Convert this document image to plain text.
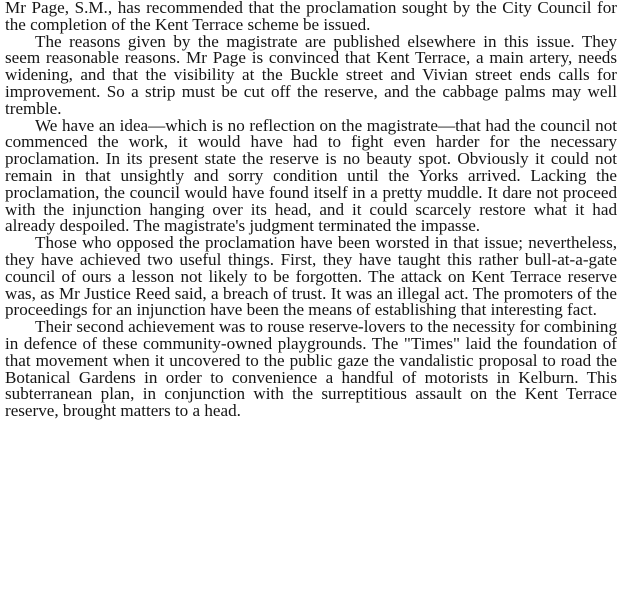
Mr Page, S.M., has recommended that the proclamation sought by the City Council for the completion of the Kent Terrace scheme be issued.

The reasons given by the magistrate are published elsewhere in this issue. They seem reasonable reasons. Mr Page is convinced that Kent Terrace, a main artery, needs widening, and that the visibility at the Buckle street and Vivian street ends calls for improvement. So a strip must be cut off the reserve, and the cabbage palms may well tremble.

We have an idea—which is no reflection on the magistrate—that had the council not commenced the work, it would have had to fight even harder for the necessary proclamation. In its present state the reserve is no beauty spot. Obviously it could not remain in that unsightly and sorry condition until the Yorks arrived. Lacking the proclamation, the council would have found itself in a pretty muddle. It dare not proceed with the injunction hanging over its head, and it could scarcely restore what it had already despoiled. The magistrate's judgment terminated the impasse.

Those who opposed the proclamation have been worsted in that issue; nevertheless, they have achieved two useful things. First, they have taught this rather bull-at-a-gate council of ours a lesson not likely to be forgotten. The attack on Kent Terrace reserve was, as Mr Justice Reed said, a breach of trust. It was an illegal act. The promoters of the proceedings for an injunction have been the means of establishing that interesting fact.

Their second achievement was to rouse reserve-lovers to the necessity for combining in defence of these community-owned playgrounds. The "Times" laid the foundation of that movement when it uncovered to the public gaze the vandalistic proposal to road the Botanical Gardens in order to convenience a handful of motorists in Kelburn. This subterranean plan, in conjunction with the surreptitious assault on the Kent Terrace reserve, brought matters to a head.
